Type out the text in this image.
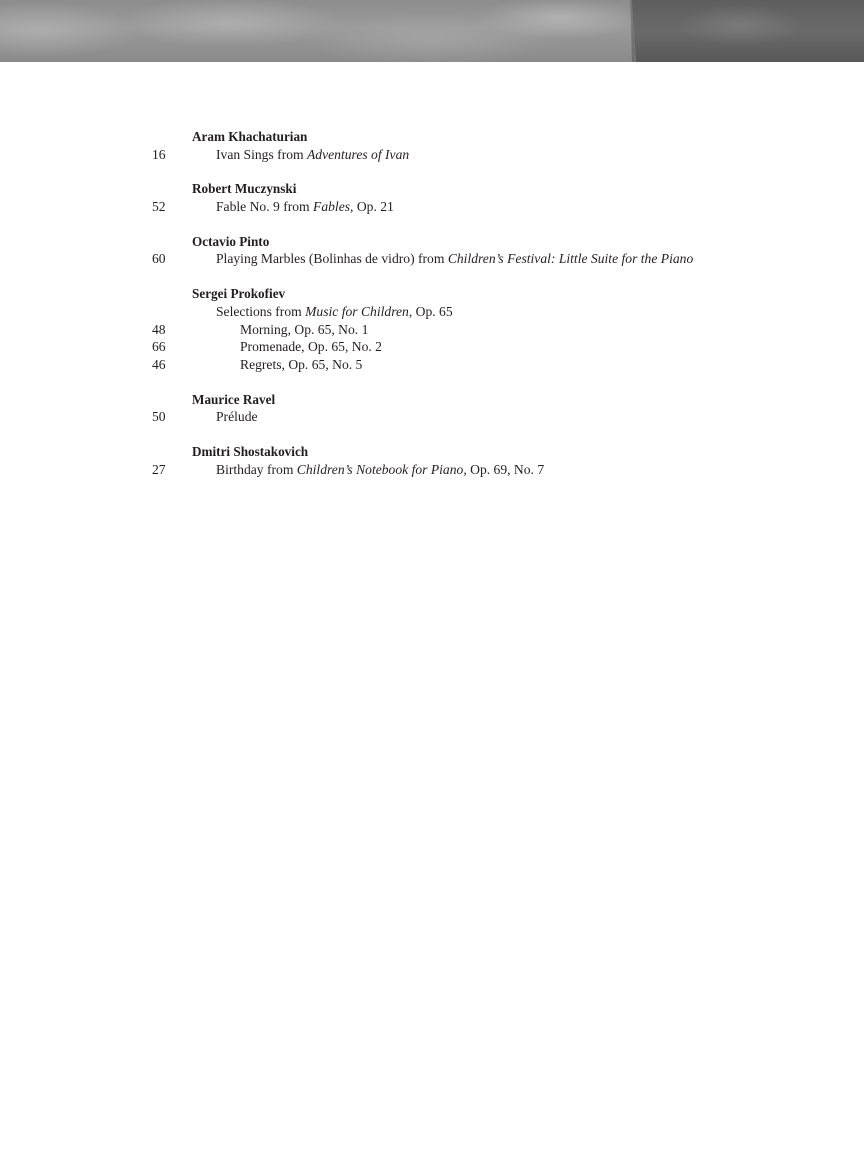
Aram Khachaturian
16	Ivan Sings from Adventures of Ivan
Robert Muczynski
52	Fable No. 9 from Fables, Op. 21
Octavio Pinto
60	Playing Marbles (Bolinhas de vidro) from Children’s Festival: Little Suite for the Piano
Sergei Prokofiev
Selections from Music for Children, Op. 65
48	Morning, Op. 65, No. 1
66	Promenade, Op. 65, No. 2
46	Regrets, Op. 65, No. 5
Maurice Ravel
50	Prélude
Dmitri Shostakovich
27	Birthday from Children’s Notebook for Piano, Op. 69, No. 7
